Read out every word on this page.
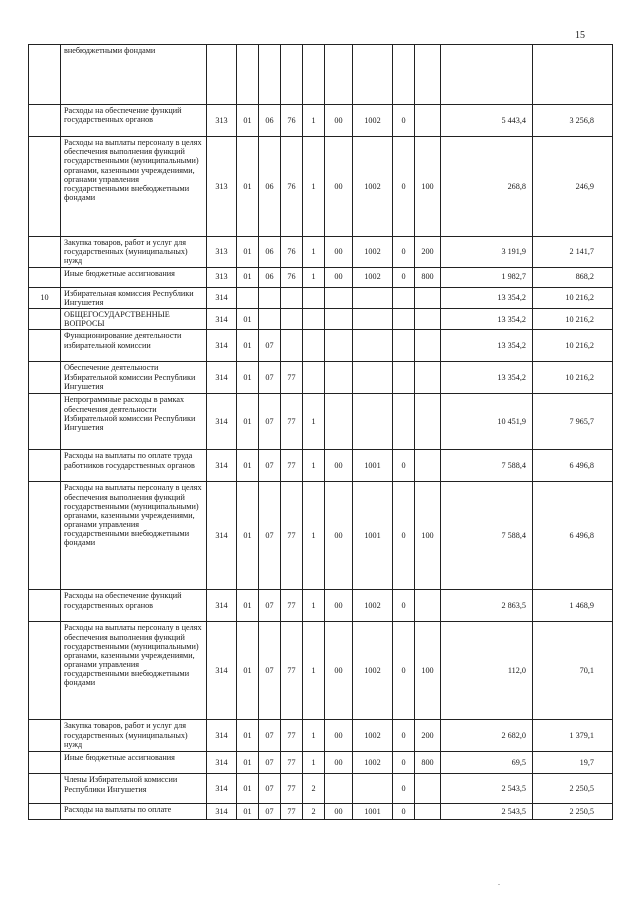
15
	внебюджетными фондами											
	Расходы на обеспечение функций государственных органов	313	01	06	76	1	00	1002	0		5 443,4	3 256,8
	Расходы на выплаты персоналу в целях обеспечения выполнения функций государственными (муниципальными) органами, казенными учреждениями, органами управления государственными внебюджетными фондами	313	01	06	76	1	00	1002	0	100	268,8	246,9
	Закупка товаров, работ и услуг для государственных (муниципальных) нужд	313	01	06	76	1	00	1002	0	200	3 191,9	2 141,7
	Иные бюджетные ассигнования	313	01	06	76	1	00	1002	0	800	1 982,7	868,2
10	Избирательная комиссия Республики Ингушетия	314									13 354,2	10 216,2
	ОБЩЕГОСУДАРСТВЕННЫЕ ВОПРОСЫ	314	01								13 354,2	10 216,2
	Функционирование деятельности избирательной комиссии	314	01	07							13 354,2	10 216,2
	Обеспечение деятельности Избирательной комиссии Республики Ингушетия	314	01	07	77						13 354,2	10 216,2
	Непрограммные расходы в рамках обеспечения деятельности Избирательной комиссии Республики Ингушетия	314	01	07	77	1					10 451,9	7 965,7
	Расходы на выплаты по оплате труда работников государственных органов	314	01	07	77	1	00	1001	0		7 588,4	6 496,8
	Расходы на выплаты персоналу в целях обеспечения выполнения функций государственными (муниципальными) органами, казенными учреждениями, органами управления государственными внебюджетными фондами	314	01	07	77	1	00	1001	0	100	7 588,4	6 496,8
	Расходы на обеспечение функций государственных органов	314	01	07	77	1	00	1002	0		2 863,5	1 468,9
	Расходы на выплаты персоналу в целях обеспечения выполнения функций государственными (муниципальными) органами, казенными учреждениями, органами управления государственными внебюджетными фондами	314	01	07	77	1	00	1002	0	100	112,0	70,1
	Закупка товаров, работ и услуг для государственных (муниципальных) нужд	314	01	07	77	1	00	1002	0	200	2 682,0	1 379,1
	Иные бюджетные ассигнования	314	01	07	77	1	00	1002	0	800	69,5	19,7
	Члены Избирательной комиссии Республики Ингушетия	314	01	07	77	2			0		2 543,5	2 250,5
	Расходы на выплаты по оплате	314	01	07	77	2	00	1001	0		2 543,5	2 250,5
.
